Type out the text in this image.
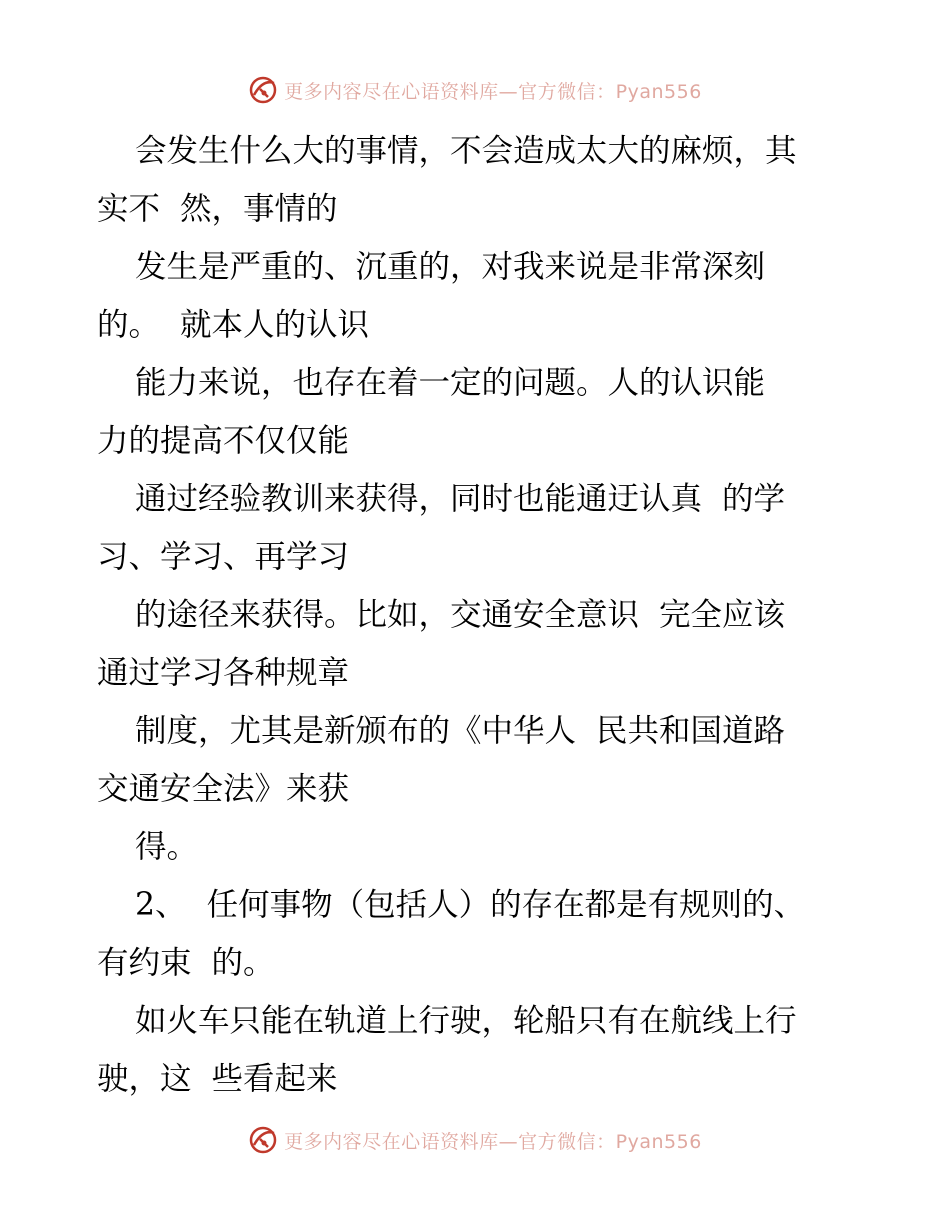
更多内容尽在心语资料库—官方微信：Pyan556
会发生什么大的事情，不会造成太大的麻烦，其
实不  然，事情的
发生是严重的、沉重的，对我来说是非常深刻
的。  就本人的认识
能力来说，也存在着一定的问题。人的认识能
力的提高不仅仅能
通过经验教训来获得，同时也能通迂认真  的学
习、学习、再学习
的途径来获得。比如，交通安全意识  完全应该
通过学习各种规章
制度，尤其是新颁布的《中华人  民共和国道路
交通安全法》来获
得。
2、  任何事物（包括人）的存在都是有规则的、
有约束  的。
如火车只能在轨道上行驶，轮船只有在航线上行
驶，这  些看起来
更多内容尽在心语资料库—官方微信：Pyan556
